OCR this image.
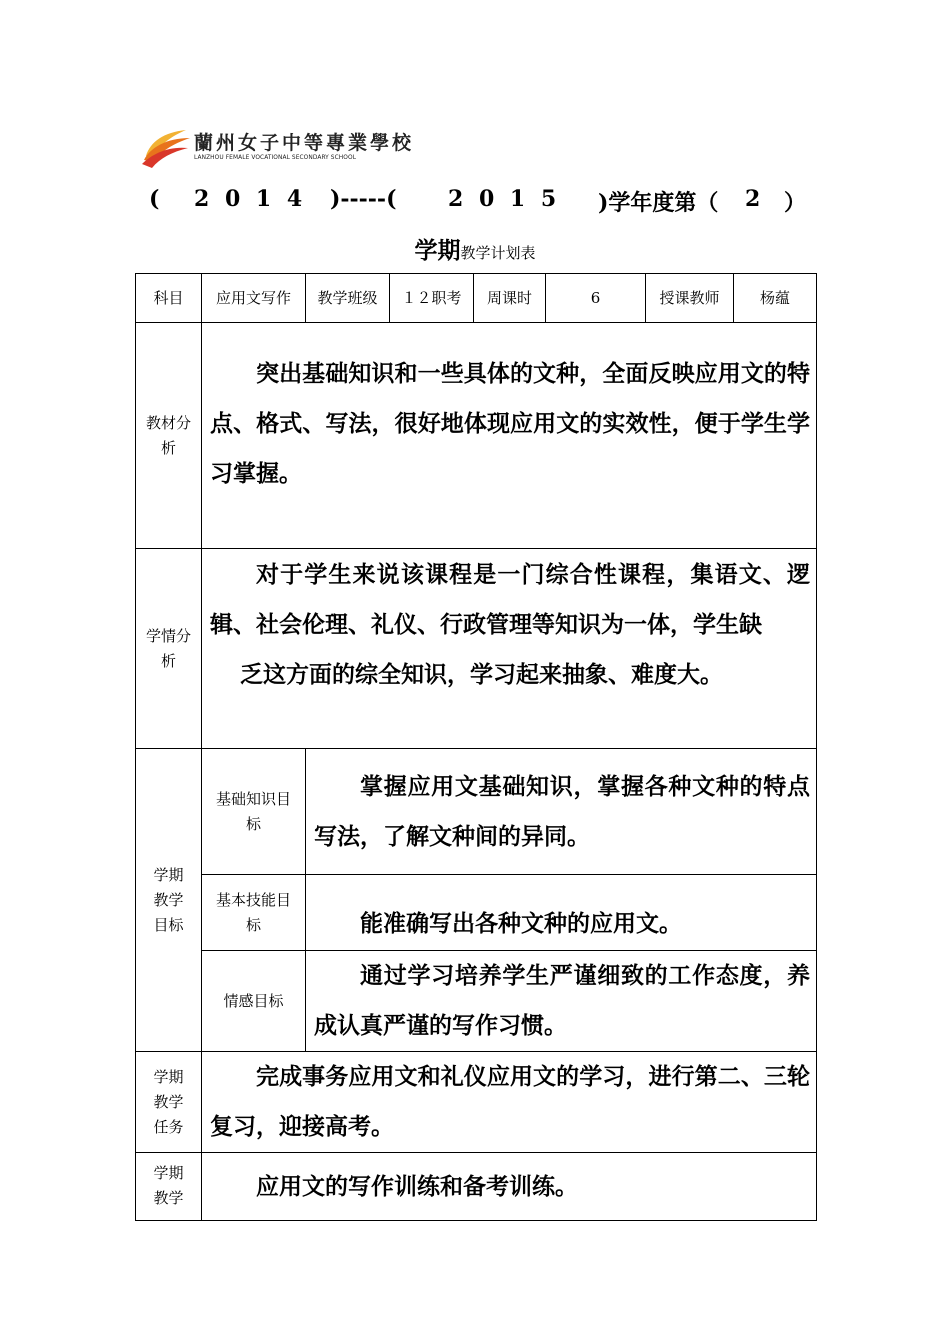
蘭州女子中等專業學校
LANZHOU FEMALE VOCATIONAL SECONDARY SCHOOL

(

2 0 1 4

)-----(

2 0 1 5

)学年度第（

2

）

学期教学计划表
科目	应用文写作	教学班级	１２职考	周课时	6	授课教师	杨蕴
教材分析	突出基础知识和一些具体的文种，全面反映应用文的特点、格式、写法，很好地体现应用文的实效性，便于学生学习掌握。						
学情分析	对于学生来说该课程是一门综合性课程，集语文、逻辑、社会伦理、礼仪、行政管理等知识为一体，学生缺
乏这方面的综全知识，学习起来抽象、难度大。						

学期教学目标	基础知识目标	掌握应用文基础知识，掌握各种文种的特点写法，了解文种间的异同。					
	基本技能目标	能准确写出各种文种的应用文。					
	情感目标	通过学习培养学生严谨细致的工作态度，养成认真严谨的写作习惯。					
学期教学任务	完成事务应用文和礼仪应用文的学习，进行第二、三轮复习，迎接高考。						
学期教学	应用文的写作训练和备考训练。						
